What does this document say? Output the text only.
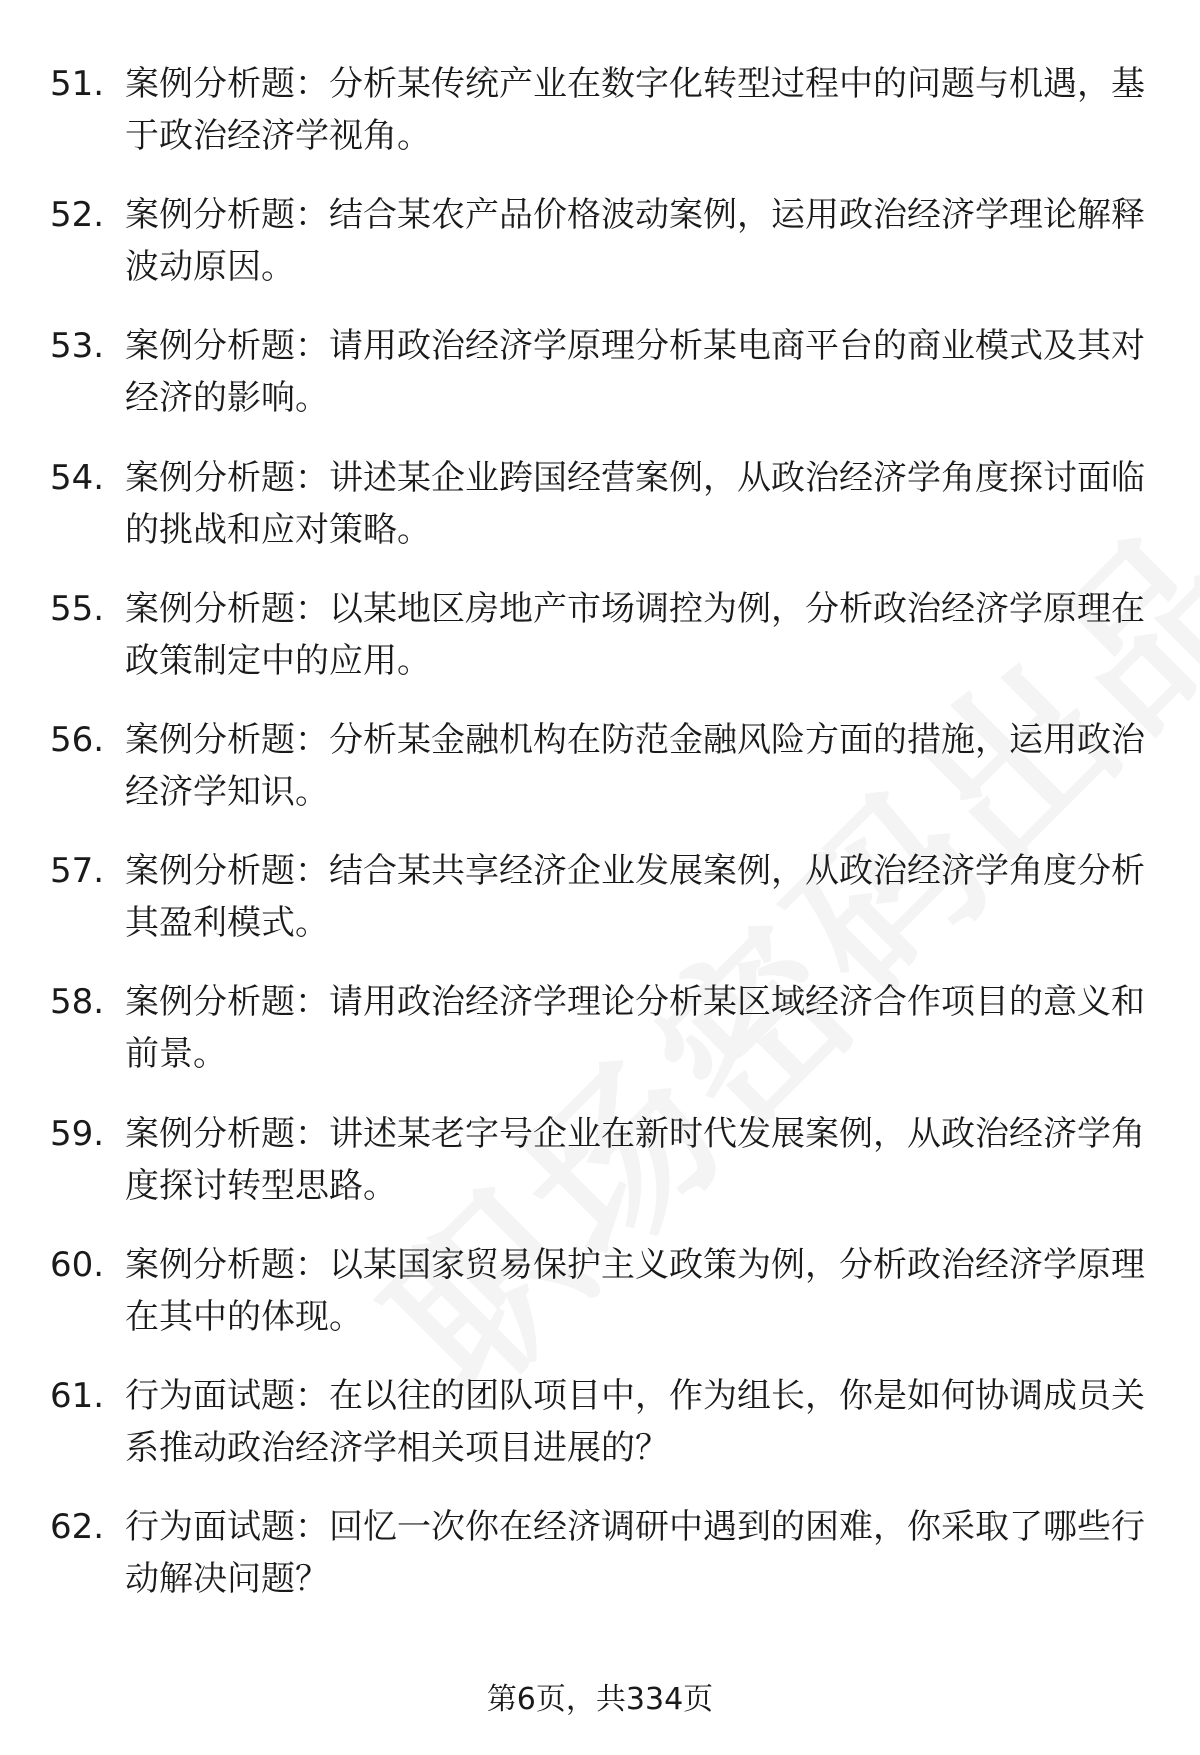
51. 案例分析题：分析某传统产业在数字化转型过程中的问题与机遇，基于政治经济学视角。
52. 案例分析题：结合某农产品价格波动案例，运用政治经济学理论解释波动原因。
53. 案例分析题：请用政治经济学原理分析某电商平台的商业模式及其对经济的影响。
54. 案例分析题：讲述某企业跨国经营案例，从政治经济学角度探讨面临的挑战和应对策略。
55. 案例分析题：以某地区房地产市场调控为例，分析政治经济学原理在政策制定中的应用。
56. 案例分析题：分析某金融机构在防范金融风险方面的措施，运用政治经济学知识。
57. 案例分析题：结合某共享经济企业发展案例，从政治经济学角度分析其盈利模式。
58. 案例分析题：请用政治经济学理论分析某区域经济合作项目的意义和前景。
59. 案例分析题：讲述某老字号企业在新时代发展案例，从政治经济学角度探讨转型思路。
60. 案例分析题：以某国家贸易保护主义政策为例，分析政治经济学原理在其中的体现。
61. 行为面试题：在以往的团队项目中，作为组长，你是如何协调成员关系推动政治经济学相关项目进展的？
62. 行为面试题：回忆一次你在经济调研中遇到的困难，你采取了哪些行动解决问题？
第6页，共334页
